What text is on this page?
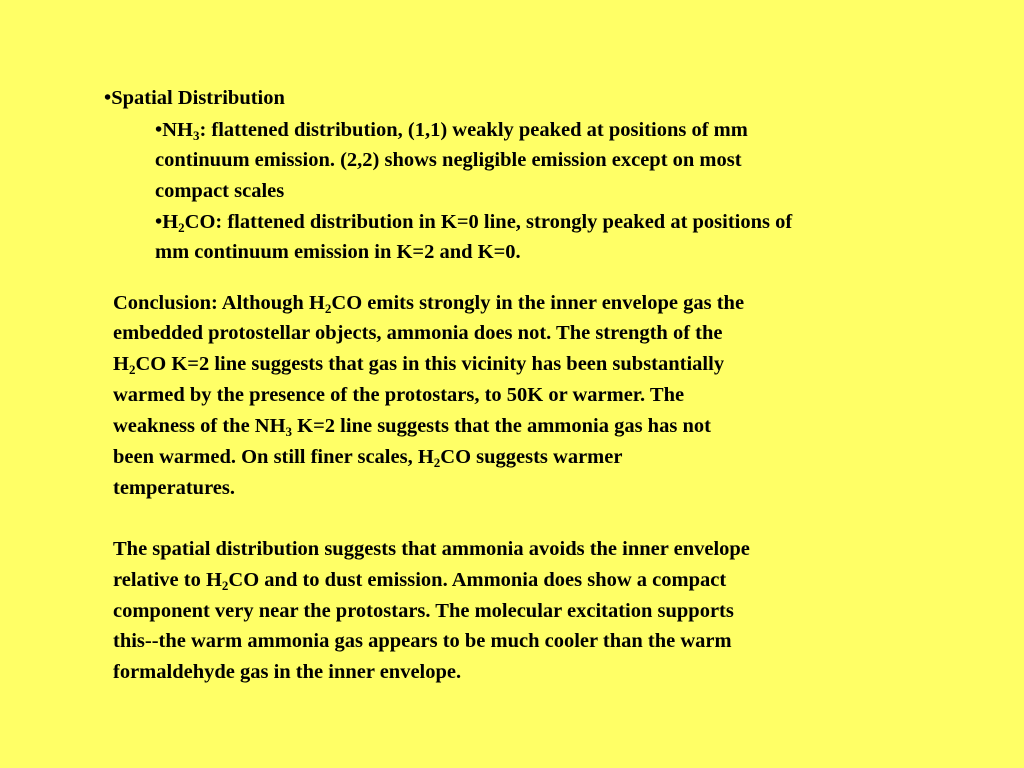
•Spatial Distribution
$•NH_3$: flattened distribution, (1,1) weakly peaked at positions of mm
continuum emission. (2,2) shows negligible emission except on most
compact scales
$•H_2CO$: flattened distribution in K=0 line, strongly peaked at positions of
mm continuum emission in K=2 and K=0.
Conclusion: Although $H_2CO$ emits strongly in the inner envelope gas the
embedded protostellar objects, ammonia does not. The strength of the
$H_2CO$ K=2 line suggests that gas in this vicinity has been substantially
warmed by the presence of the protostars, to 50K or warmer. The
weakness of the $NH_3$ K=2 line suggests that the ammonia gas has not
been warmed. On still finer scales, $H_2CO$ suggests warmer
temperatures.
The spatial distribution suggests that ammonia avoids the inner envelope
relative to $H_2CO$ and to dust emission. Ammonia does show a compact
component very near the protostars. The molecular excitation supports
this--the warm ammonia gas appears to be much cooler than the warm
formaldehyde gas in the inner envelope.
